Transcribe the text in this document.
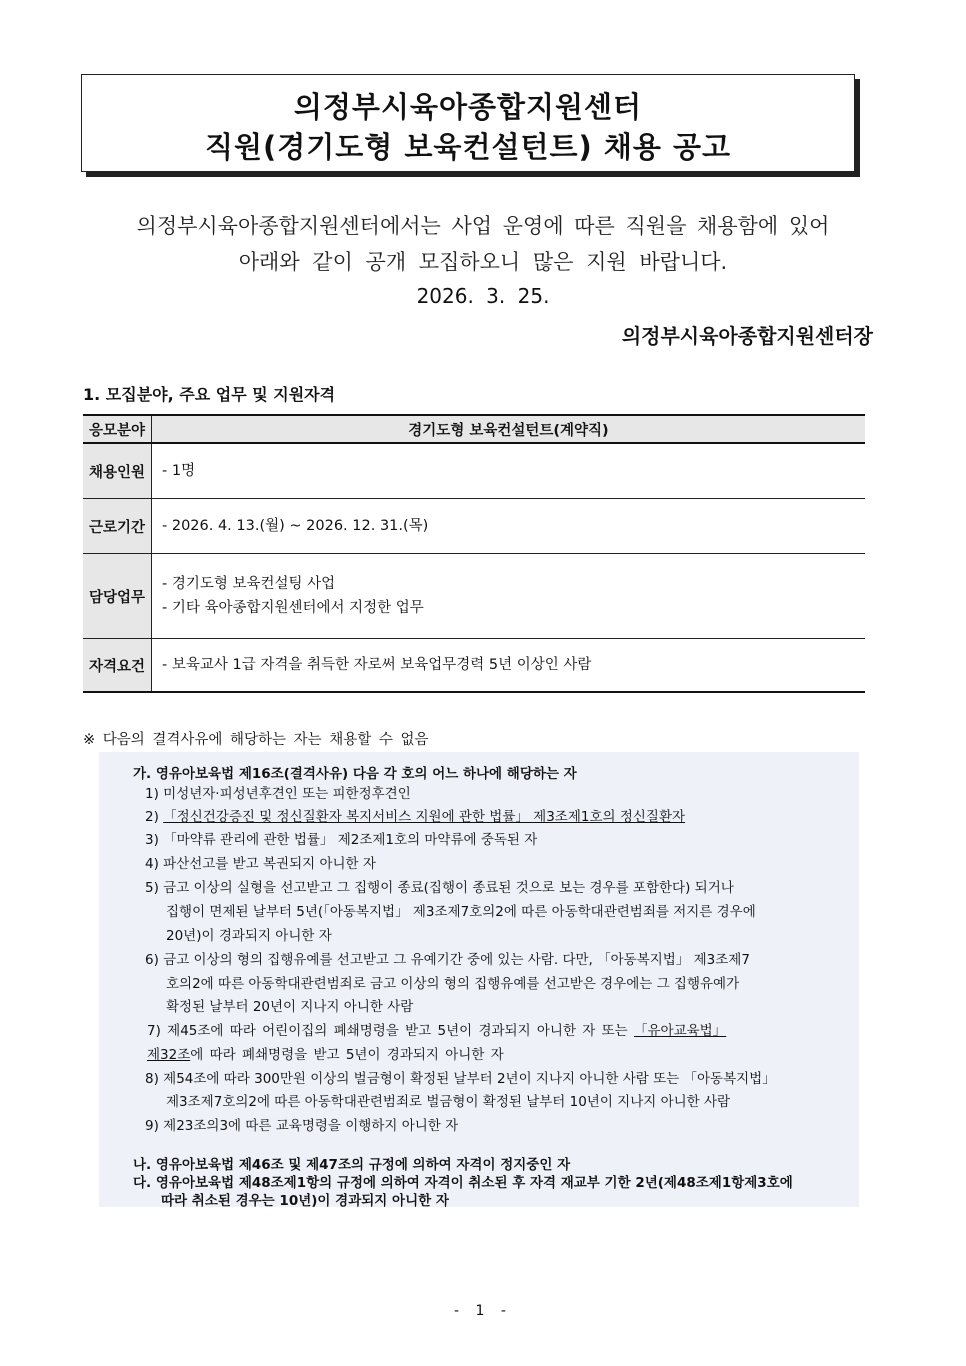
의정부시육아종합지원센터
직원(경기도형 보육컨설턴트) 채용 공고
의정부시육아종합지원센터에서는 사업 운영에 따른 직원을 채용함에 있어
아래와 같이 공개 모집하오니 많은 지원 바랍니다.
2026. 3. 25.
의정부시육아종합지원센터장
1. 모집분야, 주요 업무 및 지원자격
응모분야	경기도형 보육컨설턴트(계약직)
채용인원	- 1명

근로기간	- 2026. 4. 13.(월) ~ 2026. 12. 31.(목)

담당업무	- 경기도형 보육컨설팅 사업
- 기타 육아종합지원센터에서 지정한 업무

자격요건	- 보육교사 1급 자격을 취득한 자로써 보육업무경력 5년 이상인 사람
※ 다음의 결격사유에 해당하는 자는 채용할 수 없음
가. 영유아보육법 제16조(결격사유) 다음 각 호의 어느 하나에 해당하는 자
1) 미성년자·피성년후견인 또는 피한정후견인
2) 「정신건강증진 및 정신질환자 복지서비스 지원에 관한 법률」 제3조제1호의 정신질환자
3) 「마약류 관리에 관한 법률」 제2조제1호의 마약류에 중독된 자
4) 파산선고를 받고 복권되지 아니한 자
5) 금고 이상의 실형을 선고받고 그 집행이 종료(집행이 종료된 것으로 보는 경우를 포함한다) 되거나
집행이 면제된 날부터 5년(「아동복지법」 제3조제7호의2에 따른 아동학대관련범죄를 저지른 경우에
20년)이 경과되지 아니한 자
6) 금고 이상의 형의 집행유예를 선고받고 그 유예기간 중에 있는 사람. 다만, 「아동복지법」 제3조제7
호의2에 따른 아동학대관련범죄로 금고 이상의 형의 집행유예를 선고받은 경우에는 그 집행유예가
확정된 날부터 20년이 지나지 아니한 사람
7) 제45조에 따라 어린이집의 폐쇄명령을 받고 5년이 경과되지 아니한 자 또는 「유아교육법」
제32조에 따라 폐쇄명령을 받고 5년이 경과되지 아니한 자
8) 제54조에 따라 300만원 이상의 벌금형이 확정된 날부터 2년이 지나지 아니한 사람 또는 「아동복지법」
제3조제7호의2에 따른 아동학대관련범죄로 벌금형이 확정된 날부터 10년이 지나지 아니한 사람
9) 제23조의3에 따른 교육명령을 이행하지 아니한 자
나. 영유아보육법 제46조 및 제47조의 규정에 의하여 자격이 정지중인 자
다. 영유아보육법 제48조제1항의 규정에 의하여 자격이 취소된 후 자격 재교부 기한 2년(제48조제1항제3호에
따라 취소된 경우는 10년)이 경과되지 아니한 자
- 1 -
